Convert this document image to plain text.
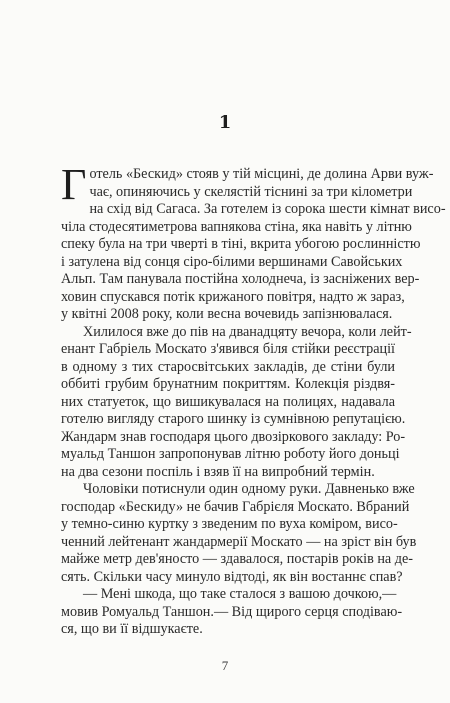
1
Г отель «Бескид» стояв у тій місцині, де долина Арви вуж-
чає, опиняючись у скелястій тіснині за три кілометри
на схід від Сагаса. За готелем із сорока шести кімнат висо-
чіла стодесятиметрова вапнякова стіна, яка навіть у літню
спеку була на три чверті в тіні, вкрита убогою рослинністю
і затулена від сонця сіро-білими вершинами Савойських
Альп. Там панувала постійна холоднеча, із засніжених вер-
ховин спускався потік крижаного повітря, надто ж зараз,
у квітні 2008 року, коли весна вочевидь запізнювалася.
Хилилося вже до пів на дванадцяту вечора, коли лейт-
енант Габріель Москато з'явився біля стійки реєстрації
в одному з тих старосвітських закладів, де стіни були
оббиті грубим брунатним покриттям. Колекція різдвя-
них статуеток, що вишикувалася на полицях, надавала
готелю вигляду старого шинку із сумнівною репутацією.
Жандарм знав господаря цього двозіркового закладу: Ро-
муальд Таншон запропонував літню роботу його доньці
на два сезони поспіль і взяв її на випробний термін.
Чоловіки потиснули один одному руки. Давненько вже
господар «Бескиду» не бачив Габрієля Москато. Вбраний
у темно-синю куртку з зведеним по вуха коміром, висо-
ченний лейтенант жандармерії Москато — на зріст він був
майже метр дев'яносто — здавалося, постарів років на де-
сять. Скільки часу минуло відтоді, як він востаннє спав?
— Мені шкода, що таке сталося з вашою дочкою,—
мовив Ромуальд Таншон.— Від щирого серця сподіваю-
ся, що ви її відшукаєте.
7
